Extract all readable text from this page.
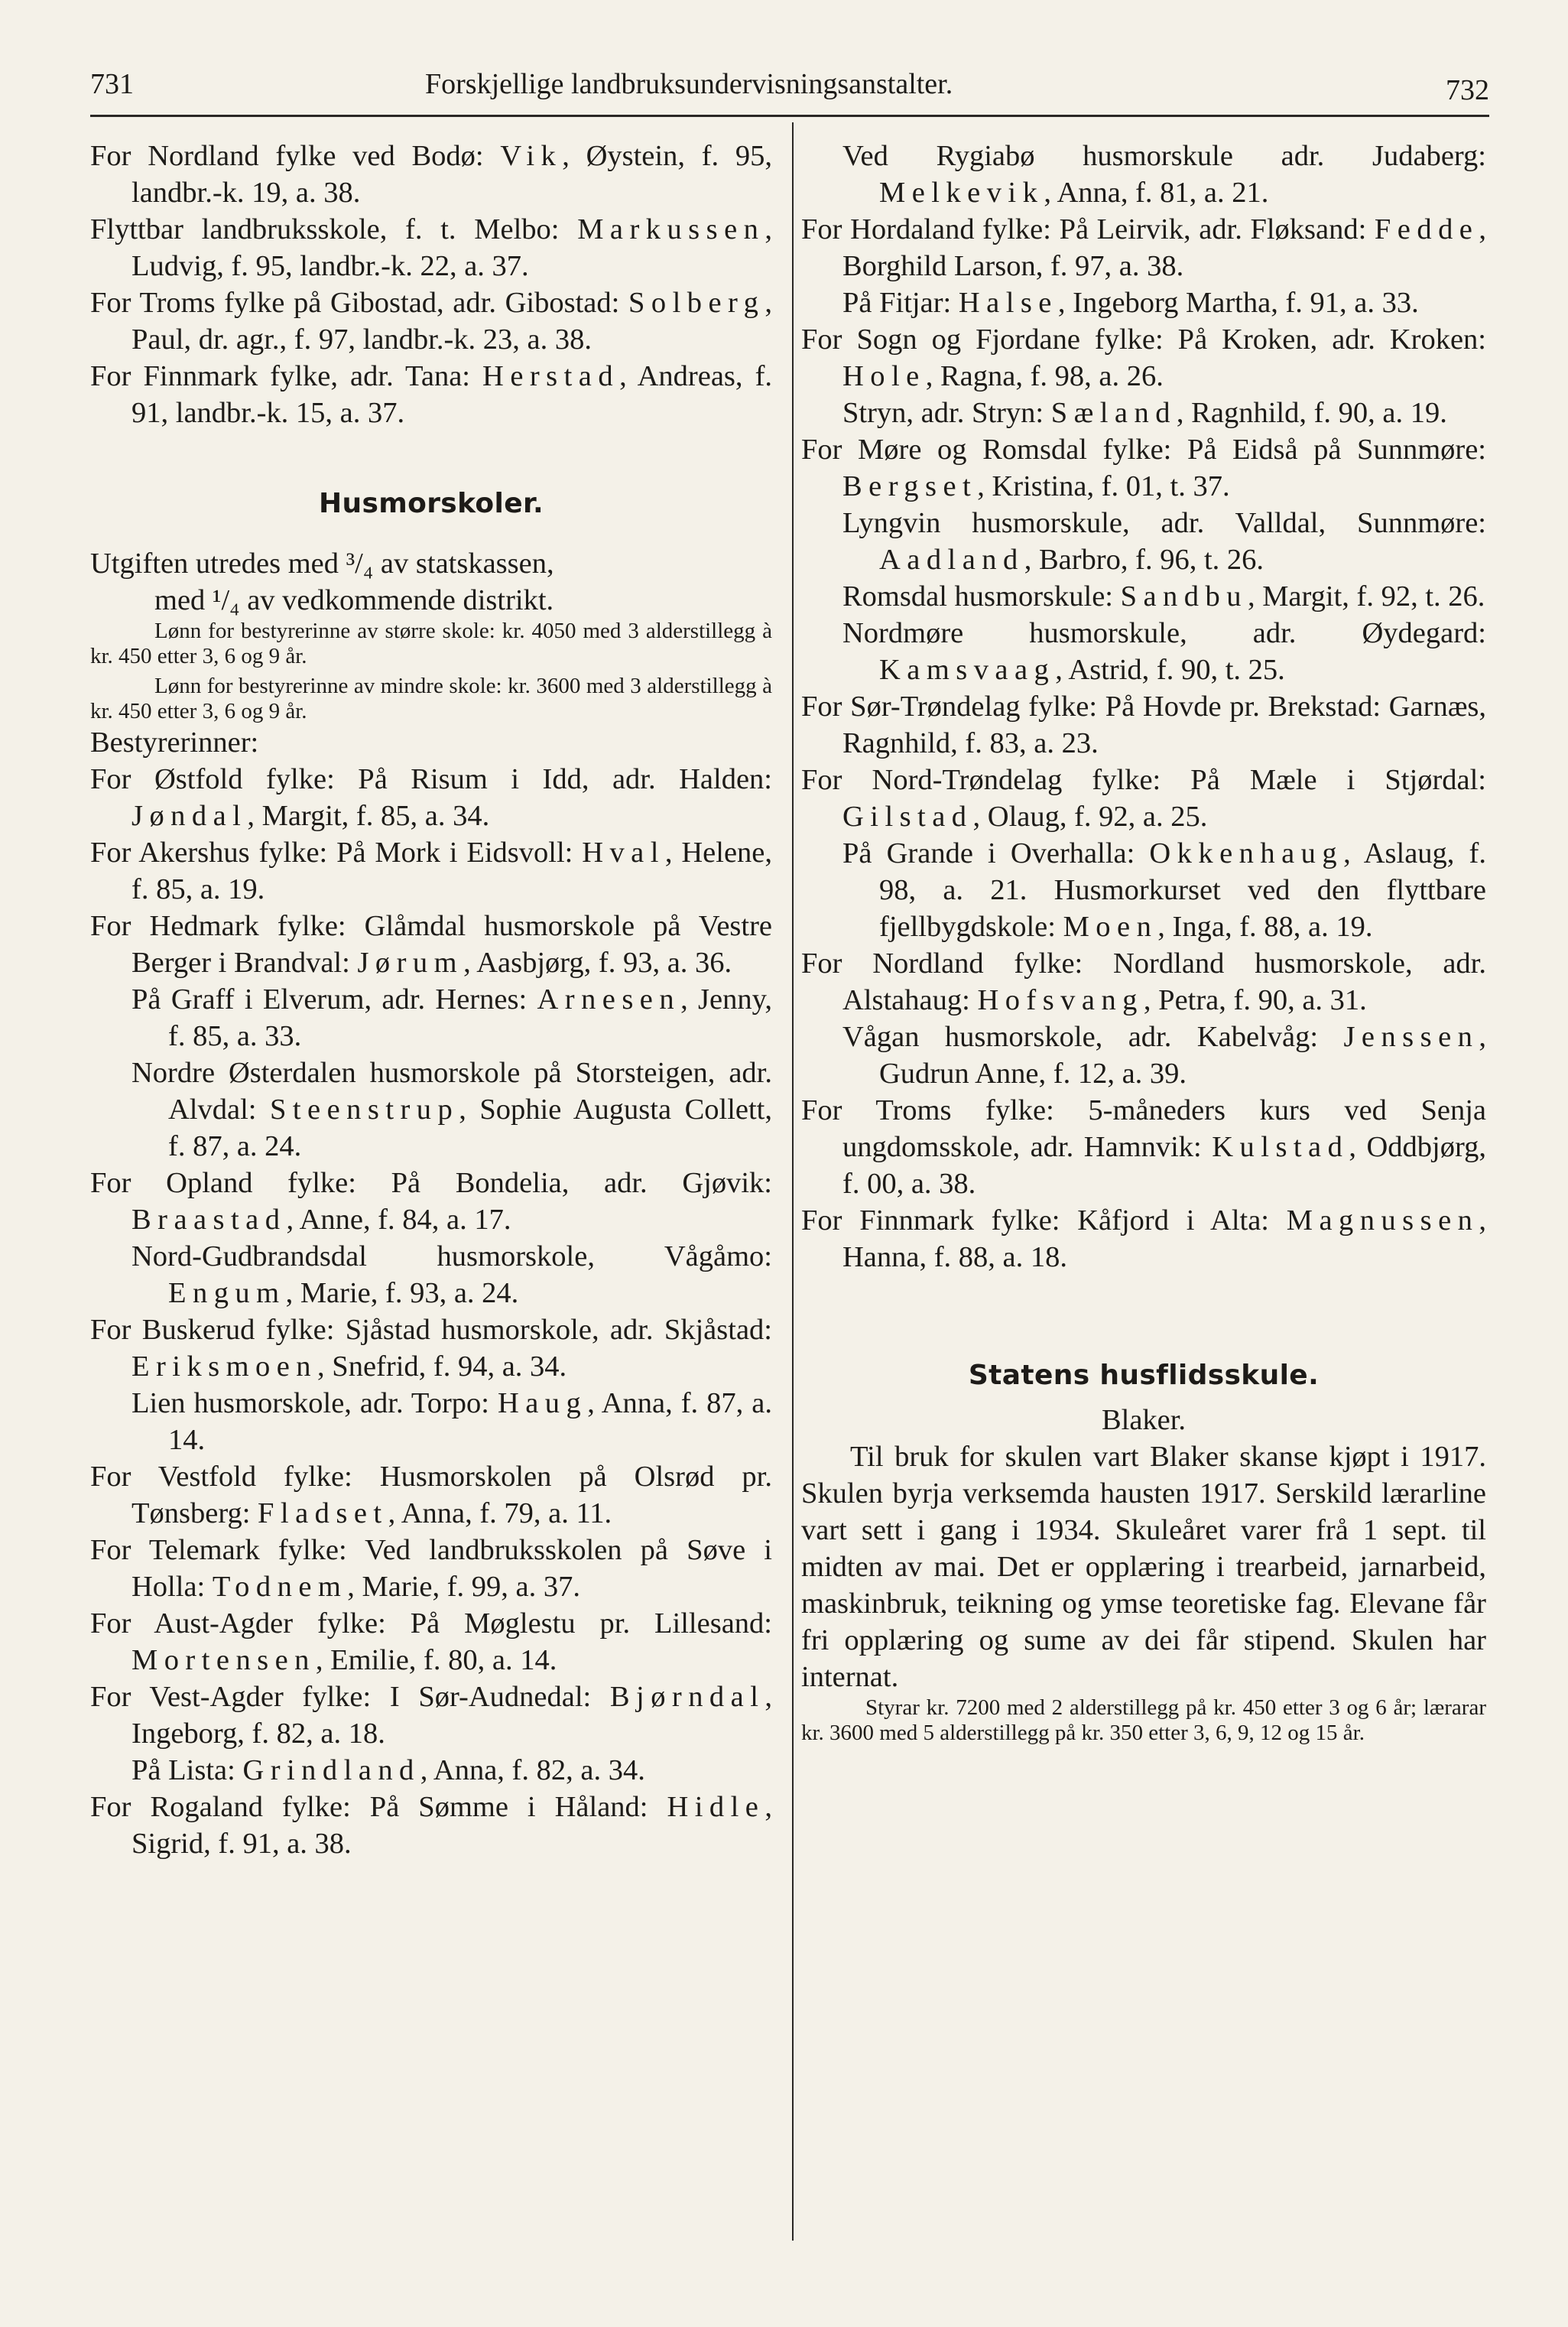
731	Forskjellige landbruksundervisningsanstalter.	732

For Nordland fylke ved Bodø: Vik, Øystein, f. 95, landbr.-k. 19, a. 38.

Flyttbar landbruksskole, f. t. Melbo: Markussen, Ludvig, f. 95, landbr.-k. 22, a. 37.

For Troms fylke på Gibostad, adr. Gibostad: Solberg, Paul, dr. agr., f. 97, landbr.-k. 23, a. 38.

For Finnmark fylke, adr. Tana: Herstad, Andreas, f. 91, landbr.-k. 15, a. 37.

Husmorskoler.

Utgiften utredes med ³/₄ av statskassen,

med ¹/₄ av vedkommende distrikt.

Lønn for bestyrerinne av større skole: kr. 4050 med 3 alderstillegg à kr. 450 etter 3, 6 og 9 år.

Lønn for bestyrerinne av mindre skole: kr. 3600 med 3 alderstillegg à kr. 450 etter 3, 6 og 9 år.

Bestyrerinner:

For Østfold fylke: På Risum i Idd, adr. Halden: Jøndal, Margit, f. 85, a. 34.

For Akershus fylke: På Mork i Eidsvoll: Hval, Helene, f. 85, a. 19.

For Hedmark fylke: Glåmdal husmorskole på Vestre Berger i Brandval: Jørum, Aasbjørg, f. 93, a. 36.

På Graff i Elverum, adr. Hernes: Arnesen, Jenny, f. 85, a. 33.

Nordre Østerdalen husmorskole på Storsteigen, adr. Alvdal: Steenstrup, Sophie Augusta Collett, f. 87, a. 24.

For Opland fylke: På Bondelia, adr. Gjøvik: Braastad, Anne, f. 84, a. 17.

Nord-Gudbrandsdal husmorskole, Vågåmo: Engum, Marie, f. 93, a. 24.

For Buskerud fylke: Sjåstad husmorskole, adr. Skjåstad: Eriksmoen, Snefrid, f. 94, a. 34.

Lien husmorskole, adr. Torpo: Haug, Anna, f. 87, a. 14.

For Vestfold fylke: Husmorskolen på Olsrød pr. Tønsberg: Fladset, Anna, f. 79, a. 11.

For Telemark fylke: Ved landbruksskolen på Søve i Holla: Todnem, Marie, f. 99, a. 37.

For Aust-Agder fylke: På Møglestu pr. Lillesand: Mortensen, Emilie, f. 80, a. 14.

For Vest-Agder fylke: I Sør-Audnedal: Bjørndal, Ingeborg, f. 82, a. 18.

På Lista: Grindland, Anna, f. 82, a. 34.

For Rogaland fylke: På Sømme i Håland: Hidle, Sigrid, f. 91, a. 38.

Ved Rygiabø husmorskule adr. Judaberg: Melkevik, Anna, f. 81, a. 21.

For Hordaland fylke: På Leirvik, adr. Fløksand: Fedde, Borghild Larson, f. 97, a. 38.

På Fitjar: Halse, Ingeborg Martha, f. 91, a. 33.

For Sogn og Fjordane fylke: På Kroken, adr. Kroken: Hole, Ragna, f. 98, a. 26.

Stryn, adr. Stryn: Sæland, Ragnhild, f. 90, a. 19.

For Møre og Romsdal fylke: På Eidså på Sunnmøre: Bergset, Kristina, f. 01, t. 37.

Lyngvin husmorskule, adr. Valldal, Sunnmøre: Aadland, Barbro, f. 96, t. 26.

Romsdal husmorskule: Sandbu, Margit, f. 92, t. 26.

Nordmøre husmorskule, adr. Øydegard: Kamsvaag, Astrid, f. 90, t. 25.

For Sør-Trøndelag fylke: På Hovde pr. Brekstad: Garnæs, Ragnhild, f. 83, a. 23.

For Nord-Trøndelag fylke: På Mæle i Stjørdal: Gilstad, Olaug, f. 92, a. 25.

På Grande i Overhalla: Okkenhaug, Aslaug, f. 98, a. 21. Husmorkurset ved den flyttbare fjellbygdskole: Moen, Inga, f. 88, a. 19.

For Nordland fylke: Nordland husmorskole, adr. Alstahaug: Hofsvang, Petra, f. 90, a. 31.

Vågan husmorskole, adr. Kabelvåg: Jenssen, Gudrun Anne, f. 12, a. 39.

For Troms fylke: 5-måneders kurs ved Senja ungdomsskole, adr. Hamnvik: Kulstad, Oddbjørg, f. 00, a. 38.

For Finnmark fylke: Kåfjord i Alta: Magnussen, Hanna, f. 88, a. 18.

Statens husflidsskule.

Blaker.

Til bruk for skulen vart Blaker skanse kjøpt i 1917. Skulen byrja verksemda hausten 1917. Serskild lærarline vart sett i gang i 1934. Skuleåret varer frå 1 sept. til midten av mai. Det er opplæring i trearbeid, jarnarbeid, maskinbruk, teikning og ymse teoretiske fag. Elevane får fri opplæring og sume av dei får stipend. Skulen har internat.

Styrar kr. 7200 med 2 alderstillegg på kr. 450 etter 3 og 6 år; lærarar kr. 3600 med 5 alderstillegg på kr. 350 etter 3, 6, 9, 12 og 15 år.
